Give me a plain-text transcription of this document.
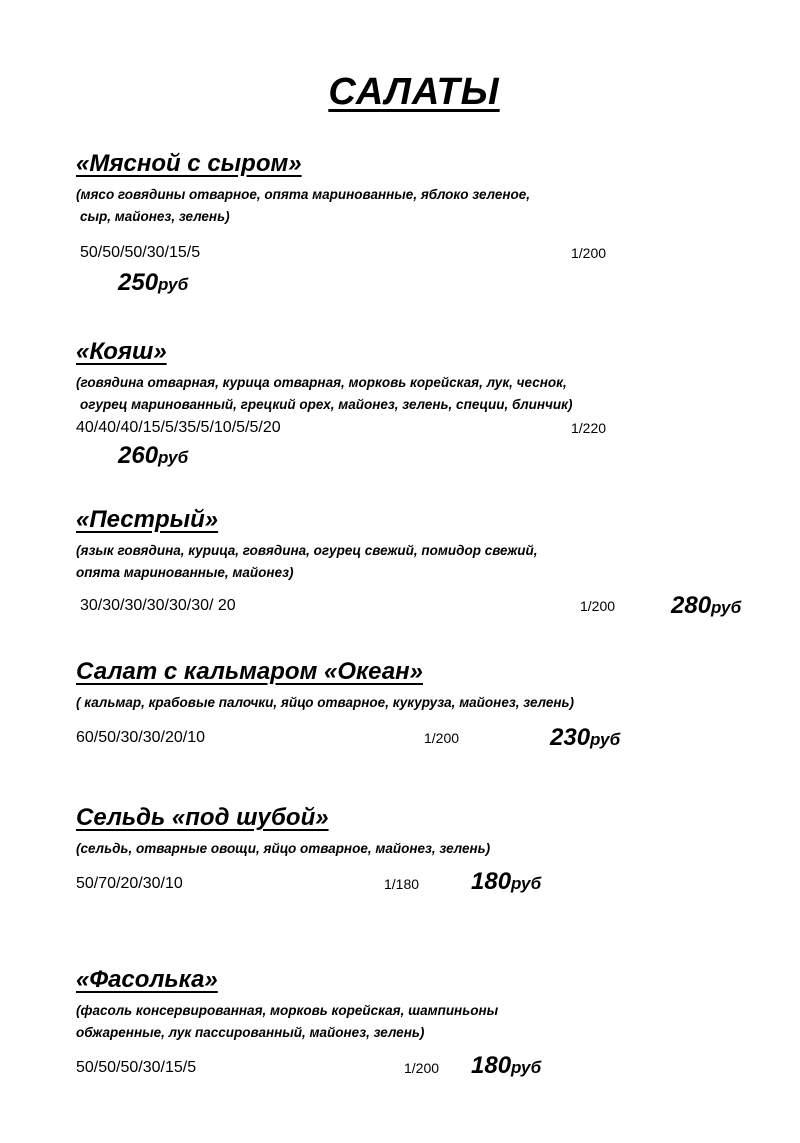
САЛАТЫ
«Мясной с сыром»
(мясо говядины отварное, опята маринованные, яблоко зеленое,
сыр, майонез, зелень)
50/50/50/30/15/5	1/200
250руб
«Кояш»
(говядина отварная, курица отварная, морковь корейская, лук, чеснок,
огурец маринованный, грецкий орех, майонез, зелень, специи, блинчик)
40/40/40/15/5/35/5/10/5/5/20	1/220
260руб
«Пестрый»
(язык говядина, курица, говядина, огурец свежий, помидор свежий,
опята маринованные, майонез)
30/30/30/30/30/30/ 20	1/200 280руб
Салат с кальмаром «Океан»
( кальмар, крабовые палочки, яйцо отварное, кукуруза, майонез, зелень)
60/50/30/30/20/10	1/200	230руб
Сельдь «под шубой»
(сельдь, отварные овощи, яйцо отварное, майонез, зелень)
50/70/20/30/10	1/180 180руб
«Фасолька»
(фасоль консервированная, морковь корейская, шампиньоны
обжаренные, лук пассированный, майонез, зелень)
50/50/50/30/15/5	1/200 180руб
